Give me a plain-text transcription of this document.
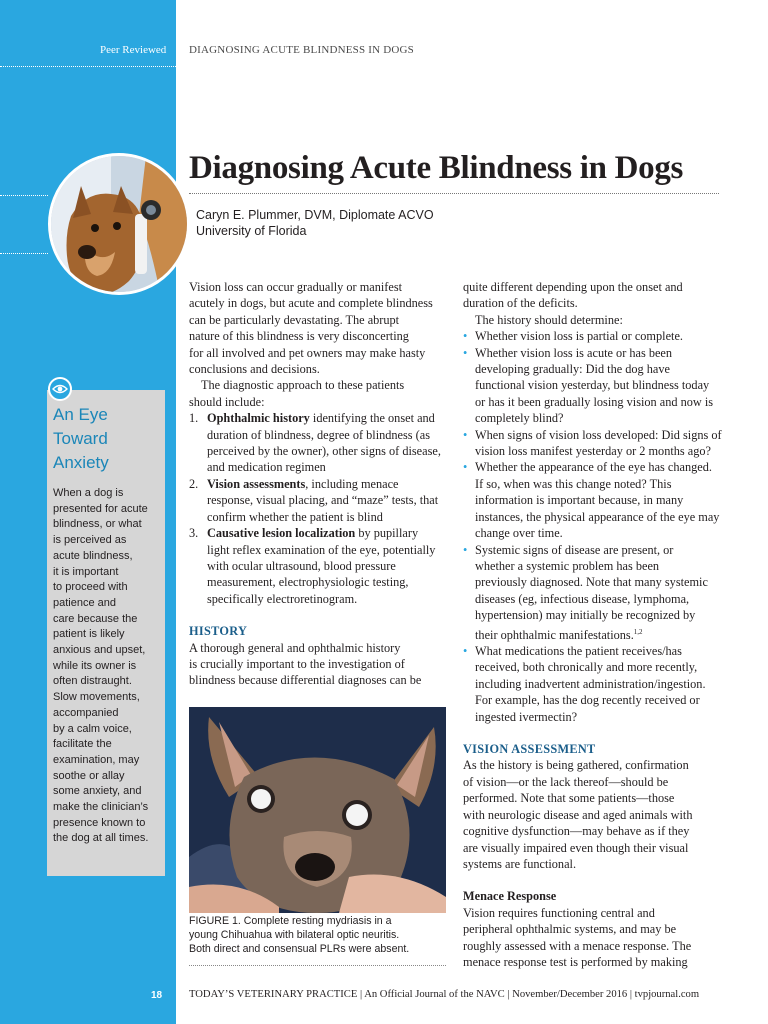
Peer Reviewed DIAGNOSING ACUTE BLINDNESS IN DOGS
Diagnosing Acute Blindness in Dogs
Caryn E. Plummer, DVM, Diplomate ACVO
University of Florida
An Eye
Toward
Anxiety
When a dog is
presented for acute
blindness, or what
is perceived as
acute blindness,
it is important
to proceed with
patience and
care because the
patient is likely
anxious and upset,
while its owner is
often distraught.
Slow movements,
accompanied
by a calm voice,
facilitate the
examination, may
soothe or allay
some anxiety, and
make the clinician’s
presence known to
the dog at all times.
Vision loss can occur gradually or manifest
acutely in dogs, but acute and complete blindness
can be particularly devastating. The abrupt
nature of this blindness is very disconcerting
for all involved and pet owners may make hasty
conclusions and decisions.
The diagnostic approach to these patients
should include:
1. Ophthalmic history identifying the onset and
duration of blindness, degree of blindness (as
perceived by the owner), other signs of disease,
and medication regimen
2. Vision assessments, including menace
response, visual placing, and “maze” tests, that
confirm whether the patient is blind
3. Causative lesion localization by pupillary
light reflex examination of the eye, potentially
with ocular ultrasound, blood pressure
measurement, electrophysiologic testing,
specifically electroretinogram.
HISTORY
A thorough general and ophthalmic history
is crucially important to the investigation of
blindness because differential diagnoses can be
FIGURE 1. Complete resting mydriasis in a
young Chihuahua with bilateral optic neuritis.
Both direct and consensual PLRs were absent.
quite different depending upon the onset and
duration of the deficits.
The history should determine:
• Whether vision loss is partial or complete.
• Whether vision loss is acute or has been
developing gradually: Did the dog have
functional vision yesterday, but blindness today
or has it been gradually losing vision and now is
completely blind?
• When signs of vision loss developed: Did signs of
vision loss manifest yesterday or 2 months ago?
• Whether the appearance of the eye has changed.
If so, when was this change noted? This
information is important because, in many
instances, the physical appearance of the eye may
change over time.
• Systemic signs of disease are present, or
whether a systemic problem has been
previously diagnosed. Note that many systemic
diseases (eg, infectious disease, lymphoma,
hypertension) may initially be recognized by
their ophthalmic manifestations.$^{1,2}$
• What medications the patient receives/has
received, both chronically and more recently,
including inadvertent administration/ingestion.
For example, has the dog recently received or
ingested ivermectin?
VISION ASSESSMENT
As the history is being gathered, confirmation
of vision—or the lack thereof—should be
performed. Note that some patients—those
with neurologic disease and aged animals with
cognitive dysfunction—may behave as if they
are visually impaired even though their visual
systems are functional.
Menace Response
Vision requires functioning central and
peripheral ophthalmic systems, and may be
roughly assessed with a menace response. The
menace response test is performed by making
18	TODAY’S VETERINARY PRACTICE | An Official Journal of the NAVC | November/December 2016 | tvpjournal.com
